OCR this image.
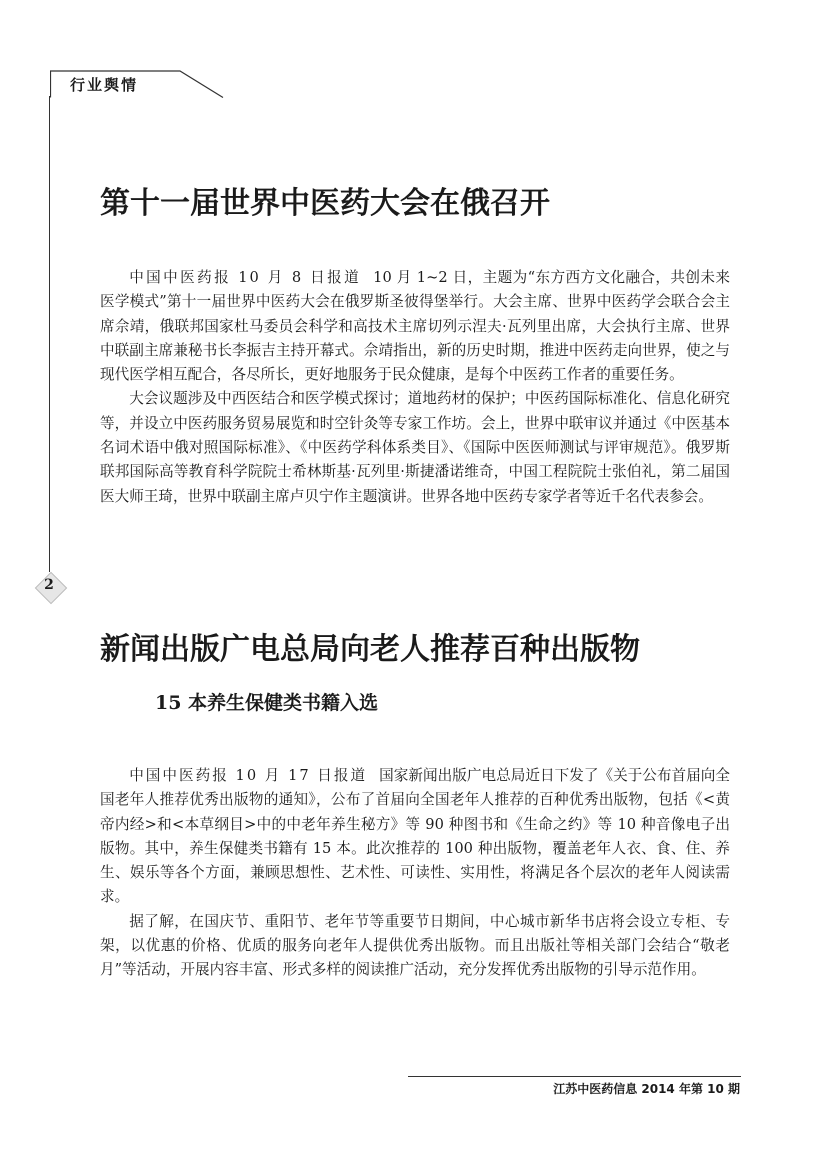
行业舆情
2
第十一届世界中医药大会在俄召开

中国中医药报 10 月 8 日报道 10 月 1~2 日，主题为“东方西方文化融合，共创未来医学模式”第十一届世界中医药大会在俄罗斯圣彼得堡举行。大会主席、世界中医药学会联合会主席佘靖，俄联邦国家杜马委员会科学和高技术主席切列示涅夫·瓦列里出席，大会执行主席、世界中联副主席兼秘书长李振吉主持开幕式。佘靖指出，新的历史时期，推进中医药走向世界，使之与现代医学相互配合，各尽所长，更好地服务于民众健康，是每个中医药工作者的重要任务。

大会议题涉及中西医结合和医学模式探讨；道地药材的保护；中医药国际标准化、信息化研究等，并设立中医药服务贸易展览和时空针灸等专家工作坊。会上，世界中联审议并通过《中医基本名词术语中俄对照国际标准》、《中医药学科体系类目》、《国际中医医师测试与评审规范》。俄罗斯联邦国际高等教育科学院院士希林斯基·瓦列里·斯捷潘诺维奇，中国工程院院士张伯礼，第二届国医大师王琦，世界中联副主席卢贝宁作主题演讲。世界各地中医药专家学者等近千名代表参会。

新闻出版广电总局向老人推荐百种出版物
15 本养生保健类书籍入选

中国中医药报 10 月 17 日报道 国家新闻出版广电总局近日下发了《关于公布首届向全国老年人推荐优秀出版物的通知》，公布了首届向全国老年人推荐的百种优秀出版物，包括《<黄帝内经>和<本草纲目>中的中老年养生秘方》等 90 种图书和《生命之约》等 10 种音像电子出版物。其中，养生保健类书籍有 15 本。此次推荐的 100 种出版物，覆盖老年人衣、食、住、养生、娱乐等各个方面，兼顾思想性、艺术性、可读性、实用性，将满足各个层次的老年人阅读需求。

据了解，在国庆节、重阳节、老年节等重要节日期间，中心城市新华书店将会设立专柜、专架，以优惠的价格、优质的服务向老年人提供优秀出版物。而且出版社等相关部门会结合“敬老月”等活动，开展内容丰富、形式多样的阅读推广活动，充分发挥优秀出版物的引导示范作用。

江苏中医药信息 2014 年第 10 期
